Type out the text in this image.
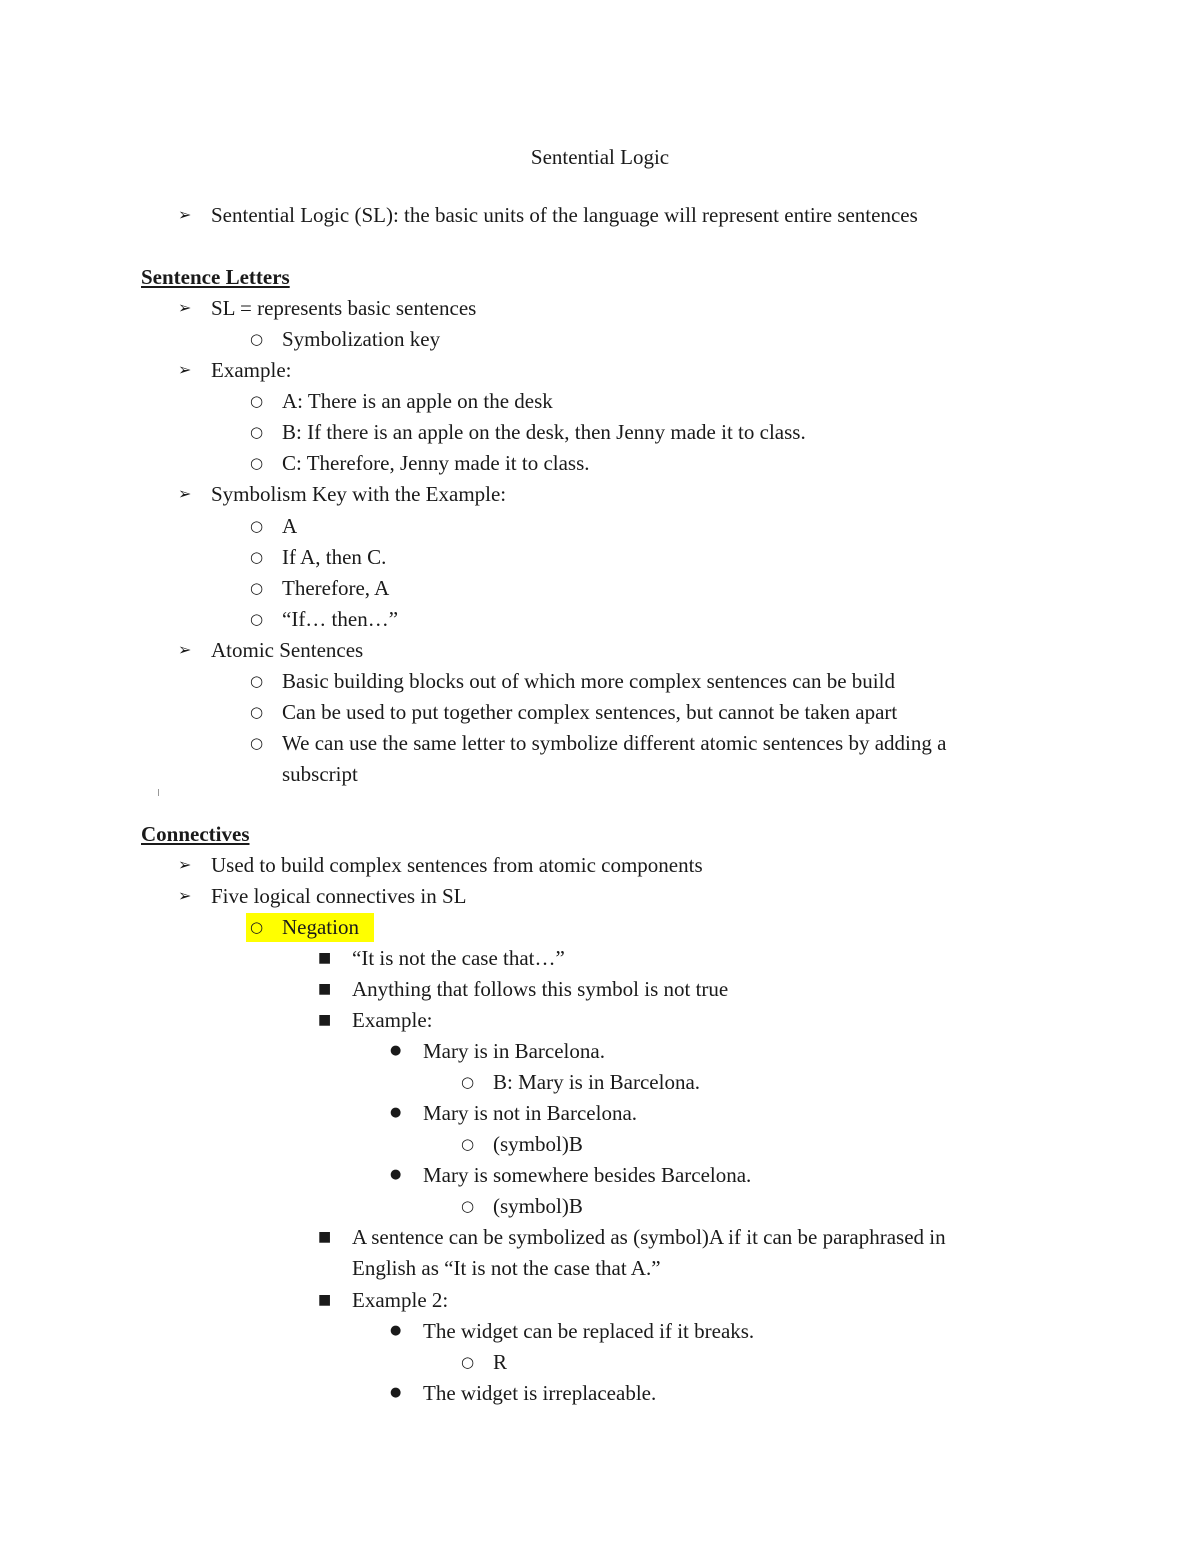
Sentential Logic
➢ Sentential Logic (SL): the basic units of the language will represent entire sentences
Sentence Letters
➢ SL = represents basic sentences
○ Symbolization key
➢ Example:
○ A: There is an apple on the desk
○ B: If there is an apple on the desk, then Jenny made it to class.
○ C: Therefore, Jenny made it to class.
➢ Symbolism Key with the Example:
○ A
○ If A, then C.
○ Therefore, A
○ “If… then…”
➢ Atomic Sentences
○ Basic building blocks out of which more complex sentences can be build
○ Can be used to put together complex sentences, but cannot be taken apart
○ We can use the same letter to symbolize different atomic sentences by adding a
subscript
Connectives
➢ Used to build complex sentences from atomic components
➢ Five logical connectives in SL
○ Negation
■ “It is not the case that…”
■ Anything that follows this symbol is not true
■ Example:
● Mary is in Barcelona.
○ B: Mary is in Barcelona.
● Mary is not in Barcelona.
○ (symbol)B
● Mary is somewhere besides Barcelona.
○ (symbol)B
■ A sentence can be symbolized as (symbol)A if it can be paraphrased in
English as “It is not the case that A.”
■ Example 2:
● The widget can be replaced if it breaks.
○ R
● The widget is irreplaceable.
